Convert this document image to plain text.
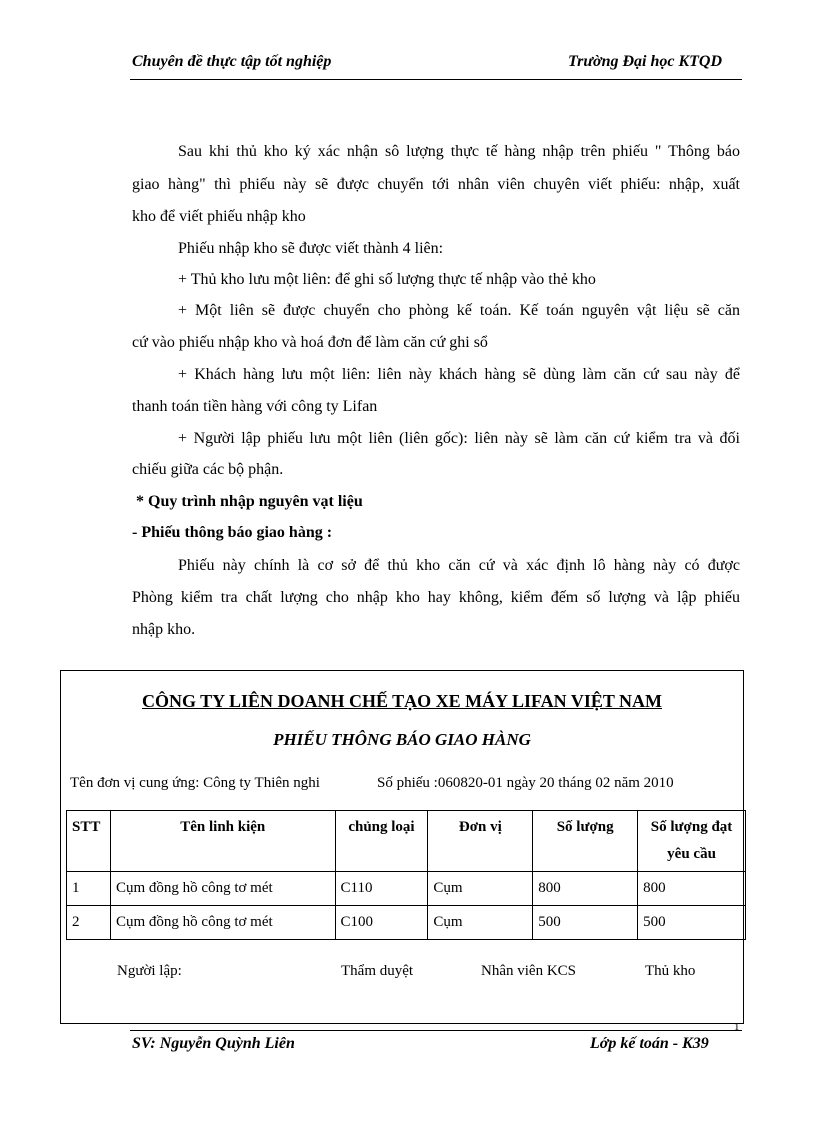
Chuyên đề thực tập tốt nghiệp	Trường Đại học KTQD
Sau khi thủ kho ký xác nhận sô lượng thực tế hàng nhập trên phiếu " Thông báo
giao hàng" thì phiếu này sẽ được chuyển tới nhân viên chuyên viết phiếu: nhập, xuất
kho để viết phiếu nhập kho
Phiếu nhập kho sẽ được viết thành 4 liên:
+ Thủ kho lưu một liên: để ghi số lượng thực tế nhập vào thẻ kho
+ Một liên sẽ được chuyển cho phòng kế toán. Kế toán nguyên vật liệu sẽ căn
cứ vào phiếu nhập kho và hoá đơn để làm căn cứ ghi sổ
+ Khách hàng lưu một liên: liên này khách hàng sẽ dùng làm căn cứ sau này để
thanh toán tiền hàng với công ty Lifan
+ Người lập phiếu lưu một liên (liên gốc): liên này sẽ làm căn cứ kiểm tra và đối
chiếu giữa các bộ phận.
* Quy trình nhập nguyên vạt liệu
- Phiếu thông báo giao hàng :
Phiếu này chính là cơ sở để thủ kho căn cứ và xác định lô hàng này có được
Phòng kiểm tra chất lượng cho nhập kho hay không, kiểm đếm số lượng và lập phiếu
nhập kho.
CÔNG TY LIÊN DOANH CHẾ TẠO XE MÁY LIFAN VIỆT NAM
PHIẾU THÔNG BÁO GIAO HÀNG
Tên đơn vị cung ứng: Công ty Thiên nghi	Số phiếu :060820-01 ngày 20 tháng 02 năm 2010
STT	Tên linh kiện	chủng loại	Đơn vị	Số lượng	Số lượng đạt yêu cầu
1	Cụm đồng hồ công tơ mét	C110	Cụm	800	800
2	Cụm đồng hồ công tơ mét	C100	Cụm	500	500
Người lập:	Thẩm duyệt	Nhân viên KCS	Thủ kho
1
SV: Nguyễn Quỳnh Liên	Lớp kế toán - K39
